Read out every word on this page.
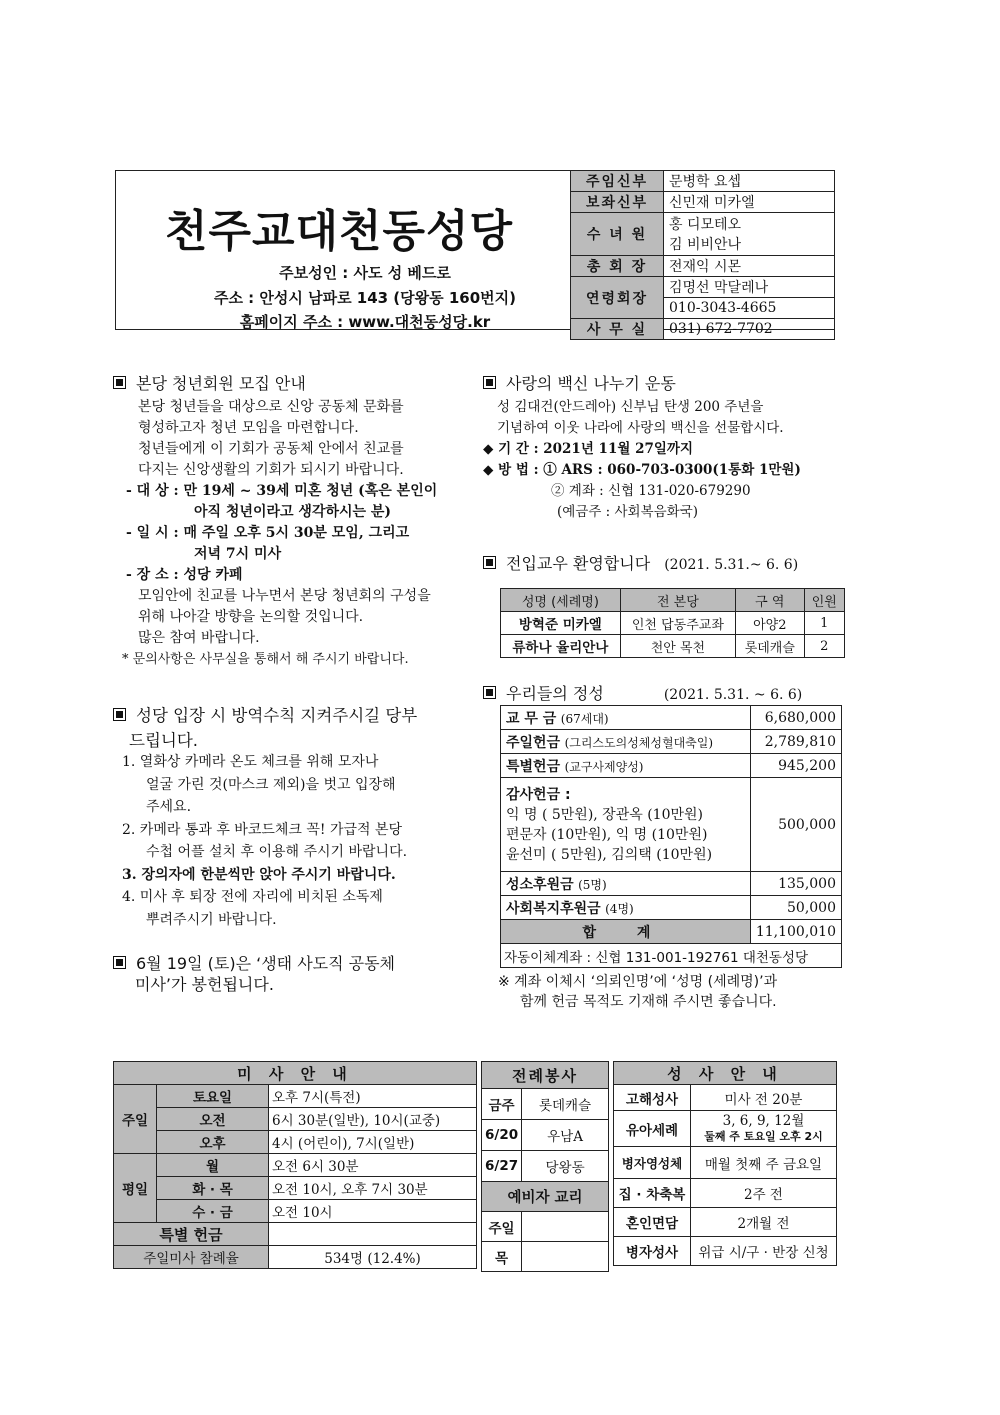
천주교대천동성당
주보성인 : 사도 성 베드로
주소 : 안성시 남파로 143 (당왕동 160번지)
홈페이지 주소 : www.대천동성당.kr
주임신부	문병학 요셉
보좌신부	신민재 미카엘
수 녀 원	홍 디모테오
김 비비안나

총 회 장	전재익 시몬
연령회장	김명선 막달레나
	010-3043-4665
사 무 실	031) 672-7702
본당 청년회원 모집 안내
본당 청년들을 대상으로 신앙 공동체 문화를
형성하고자 청년 모임을 마련합니다.
청년들에게 이 기회가 공동체 안에서 친교를
다지는 신앙생활의 기회가 되시기 바랍니다.
- 대 상 : 만 19세 ~ 39세 미혼 청년 (혹은 본인이
아직 청년이라고 생각하시는 분)
- 일 시 : 매 주일 오후 5시 30분 모임, 그리고
저녁 7시 미사
- 장 소 : 성당 카페
모임안에 친교를 나누면서 본당 청년회의 구성을
위해 나아갈 방향을 논의할 것입니다.
많은 참여 바랍니다.
* 문의사항은 사무실을 통해서 해 주시기 바랍니다.
성당 입장 시 방역수칙 지켜주시길 당부
드립니다.
1. 열화상 카메라 온도 체크를 위해 모자나
얼굴 가린 것(마스크 제외)을 벗고 입장해
주세요.
2. 카메라 통과 후 바코드체크 꼭! 가급적 본당
수첩 어플 설치 후 이용해 주시기 바랍니다.
3. 장의자에 한분씩만 앉아 주시기 바랍니다.
4. 미사 후 퇴장 전에 자리에 비치된 소독제
뿌려주시기 바랍니다.
6월 19일 (토)은 ‘생태 사도직 공동체
미사’가 봉헌됩니다.
사랑의 백신 나누기 운동
성 김대건(안드레아) 신부님 탄생 200 주년을
기념하여 이웃 나라에 사랑의 백신을 선물합시다.
◆ 기 간 : 2021년 11월 27일까지
◆ 방 법 : ① ARS : 060-703-0300(1통화 1만원)
② 계좌 : 신협 131-020-679290
(예금주 : 사회복음화국)
전입교우 환영합니다 (2021. 5.31.~ 6. 6)
성명 (세례명)	전 본당	구 역	인원
방혁준 미카엘	인천 답동주교좌	아양2	1
류하나 율리안나	천안 목천	롯데캐슬	2
우리들의 정성	(2021. 5.31. ~ 6. 6)
교 무 금 (67세대)	6,680,000
주일헌금 (그리스도의성체성혈대축일)	2,789,810
특별헌금 (교구사제양성)	945,200

감사헌금 :
익 명 ( 5만원), 장관옥 (10만원)
편문자 (10만원), 익 명 (10만원)
윤선미 ( 5만원), 김의택 (10만원)	500,000
성소후원금 (5명)	135,000
사회복지후원금 (4명)	50,000
합 계	11,100,010
자동이체계좌 : 신협 131-001-192761 대천동성당	
※ 계좌 이체시 ‘의뢰인명’에 ‘성명 (세례명)’과
함께 헌금 목적도 기재해 주시면 좋습니다.
미 사 안 내		
주일	토요일	오후 7시(특전)
	오전	6시 30분(일반), 10시(교중)
	오후	4시 (어린이), 7시(일반)
평일	월	오전 6시 30분
	화 · 목	오전 10시, 오후 7시 30분
	수 · 금	오전 10시
특별 헌금		
주일미사 참례율		534명 (12.4%)
전례봉사	
금주	롯데캐슬
6/20	우남A
6/27	당왕동
예비자 교리	
주일	
목	
성 사 안 내	
고해성사	미사 전 20분
유아세례	3, 6, 9, 12월
둘째 주 토요일 오후 2시

병자영성체	매월 첫째 주 금요일
집 · 차축복	2주 전
혼인면담	2개월 전
병자성사	위급 시/구 · 반장 신청
